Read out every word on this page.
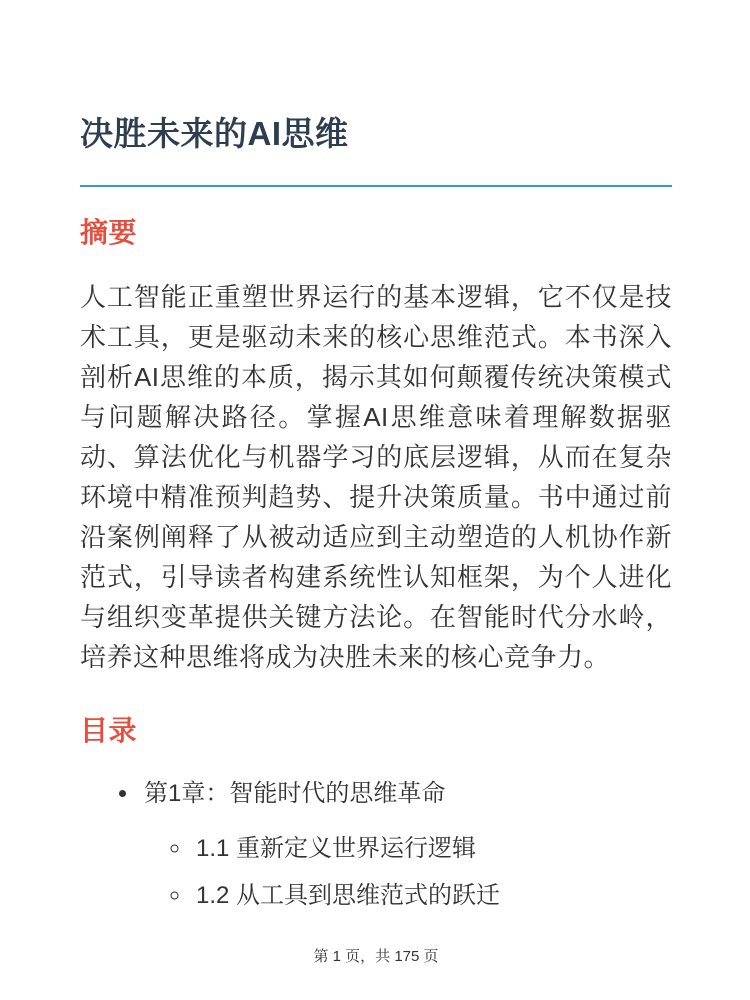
决胜未来的AI思维
摘要

人工智能正重塑世界运行的基本逻辑，它不仅是技术工具，更是驱动未来的核心思维范式。本书深入剖析AI思维的本质，揭示其如何颠覆传统决策模式与问题解决路径。掌握AI思维意味着理解数据驱动、算法优化与机器学习的底层逻辑，从而在复杂环境中精准预判趋势、提升决策质量。书中通过前沿案例阐释了从被动适应到主动塑造的人机协作新范式，引导读者构建系统性认知框架，为个人进化与组织变革提供关键方法论。在智能时代分水岭，培养这种思维将成为决胜未来的核心竞争力。

目录
• 第1章：智能时代的思维革命
◦ 1.1 重新定义世界运行逻辑
◦ 1.2 从工具到思维范式的跃迁
第 1 页，共 175 页
